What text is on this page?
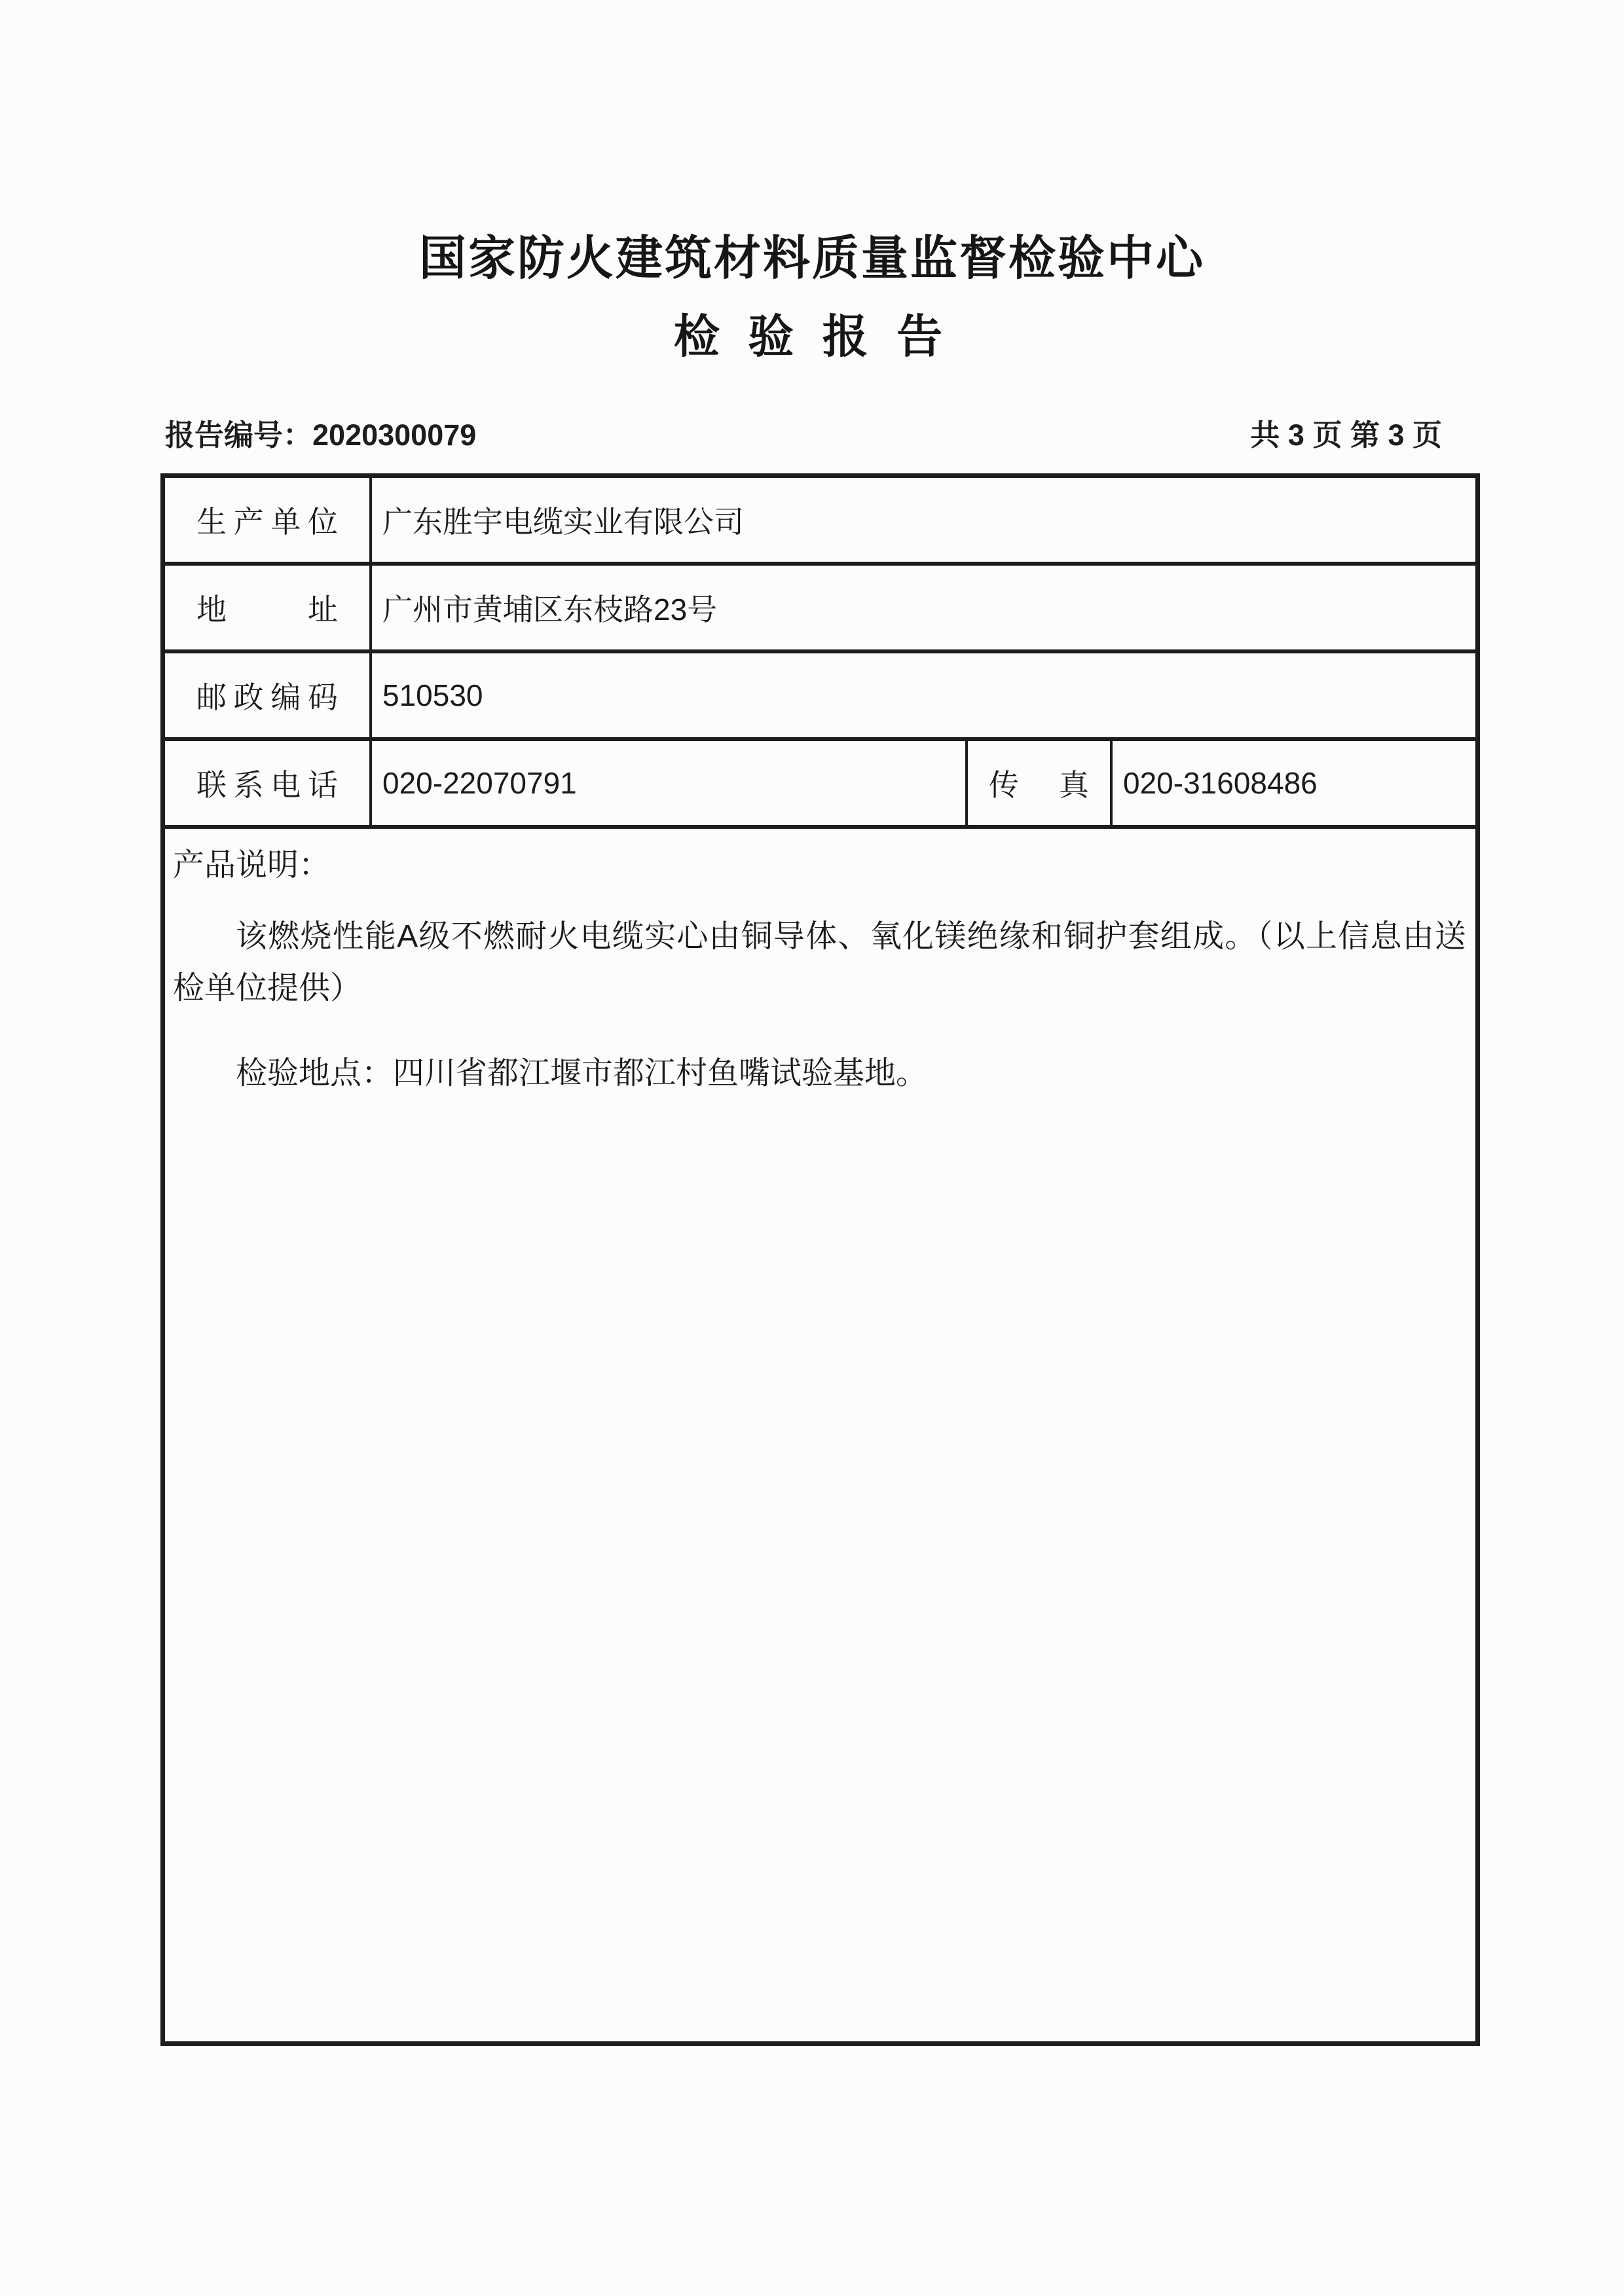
国家防火建筑材料质量监督检验中心
检 验 报 告
报告编号：2020300079	共 3 页 第 3 页
生产单位	广东胜宇电缆实业有限公司
地址	广州市黄埔区东枝路23号
邮政编码	510530
联系电话	020-22070791	传真	020-31608486
产品说明：
该燃烧性能A级不燃耐火电缆实心由铜导体、氧化镁绝缘和铜护套组成。（以上信息由送检单位提供）
检验地点：四川省都江堰市都江村鱼嘴试验基地。
